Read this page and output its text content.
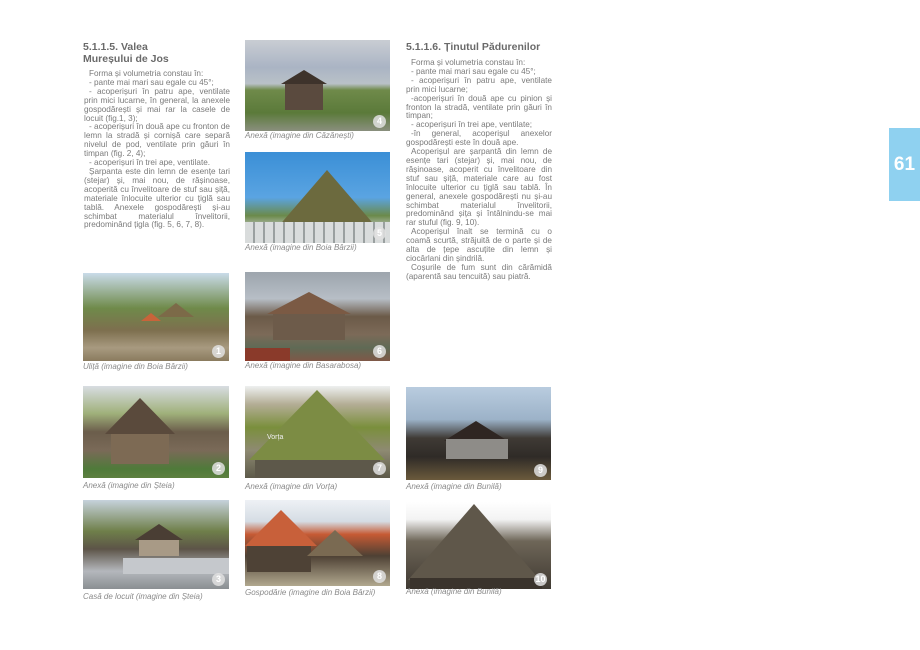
5.1.1.5. Valea
Mureșului de Jos

Forma și volumetria constau în:

- pante mai mari sau egale cu 45°;

- acoperișuri în patru ape, ventilate prin mici lucarne, în general, la anexele gospodărești și mai rar la casele de locuit (fig.1, 3);

- acoperișuri în două ape cu fronton de lemn la stradă și cornișă care separă nivelul de pod, ventilate prin găuri în timpan (fig. 2, 4);

- acoperișuri în trei ape, ventilate.

Șarpanta este din lemn de esențe tari (stejar) și, mai nou, de rășinoase, acoperită cu învelitoare de stuf sau șiță, materiale înlocuite ulterior cu țiglă sau tablă. Anexele gospodărești și-au schimbat materialul învelitorii, predominând țigla (fig. 5, 6, 7, 8).

5.1.1.6. Ținutul Pădurenilor

Forma și volumetria constau în:

- pante mai mari sau egale cu 45°;

- acoperișuri în patru ape, ventilate prin mici lucarne;

-acoperișuri în două ape cu pinion și fronton la stradă, ventilate prin găuri în timpan;

- acoperișuri în trei ape, ventilate;

-în general, acoperișul anexelor gospodărești este în două ape.

Acoperișul are șarpantă din lemn de esențe tari (stejar) și, mai nou, de rășinoase, acoperit cu învelitoare din stuf sau șiță, materiale care au fost înlocuite ulterior cu țiglă sau tablă. În general, anexele gospodărești nu și-au schimbat materialul învelitorii, predominând șița și întâlnindu-se mai rar stuful (fig. 9, 10).

Acoperișul înalt se termină cu o coamă scurtă, străjuită de o parte și de alta de țepe ascuțite din lemn și ciocârlani din șindrilă.

Coșurile de fum sunt din cărămidă (aparentă sau tencuită) sau piatră.

61
4
Anexă (imagine din Căzănești)
5
Anexă (imagine din Boia Bârzii)
6
Anexă (imagine din Basarabosa)
1
Uliță (imagine din Boia Bârzii)
2
Anexă (imagine din Șteia)
Vorța
7
Anexă (imagine din Vorța)
9
Anexă (imagine din Bunilă)
3
Casă de locuit (imagine din Șteia)
8
Gospodărie (imagine din Boia Bârzii)
10
Anexă (imagine din Bunilă)
